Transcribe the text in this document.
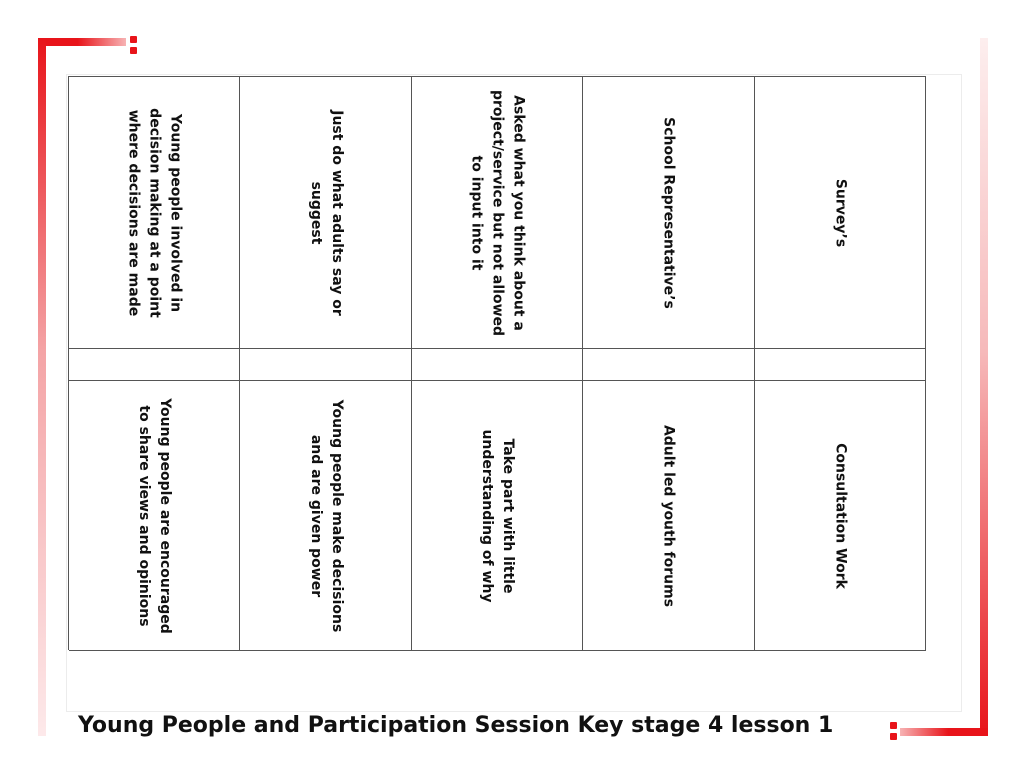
Young people involved in decision making at a point where decisions are made	Just do what adults say or suggest	Asked what you think about a project/service but not allowed to input into it	School Representative’s	Survey’s
Young people are encouraged to share views and opinions	Young people make decisions and are given power	Take part with little understanding of why	Adult led youth forums	Consultation Work
Young People and Participation Session Key stage 4 lesson 1
